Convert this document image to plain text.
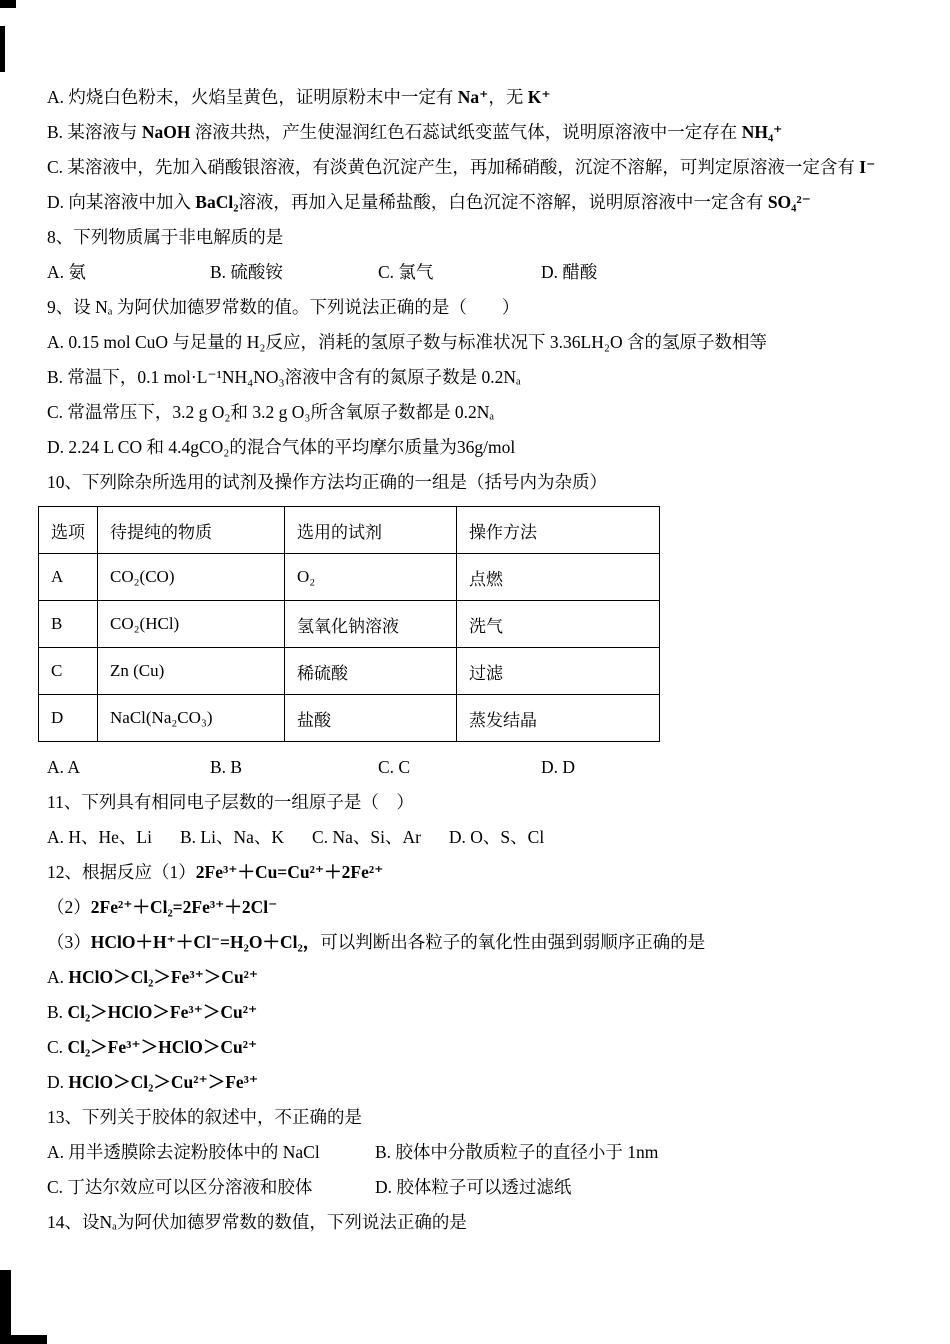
A. 灼烧白色粉末，火焰呈黄色，证明原粉末中一定有 Na⁺，无 K⁺
B. 某溶液与 NaOH 溶液共热，产生使湿润红色石蕊试纸变蓝气体，说明原溶液中一定存在 NH₄⁺
C. 某溶液中，先加入硝酸银溶液，有淡黄色沉淀产生，再加稀硝酸，沉淀不溶解，可判定原溶液一定含有 I⁻
D. 向某溶液中加入 BaCl₂溶液，再加入足量稀盐酸，白色沉淀不溶解，说明原溶液中一定含有 SO₄²⁻
8、下列物质属于非电解质的是
A. 氨	B. 硫酸铵	C. 氯气	D. 醋酸
9、设 Nₐ 为阿伏加德罗常数的值。下列说法正确的是（　　）
A. 0.15 mol CuO 与足量的 H₂反应，消耗的氢原子数与标准状况下 3.36LH₂O 含的氢原子数相等
B. 常温下，0.1 mol·L⁻¹NH₄NO₃溶液中含有的氮原子数是 0.2Nₐ
C. 常温常压下，3.2 g O₂和 3.2 g O₃所含氧原子数都是 0.2Nₐ
D. 2.24 L CO 和 4.4gCO₂的混合气体的平均摩尔质量为36g/mol
10、下列除杂所选用的试剂及操作方法均正确的一组是（括号内为杂质）
选项	待提纯的物质	选用的试剂	操作方法
A	CO₂(CO)	O₂	点燃
B	CO₂(HCl)	氢氧化钠溶液	洗气
C	Zn (Cu)	稀硫酸	过滤
D	NaCl(Na₂CO₃)	盐酸	蒸发结晶
A. A	B. B	C. C	D. D
11、下列具有相同电子层数的一组原子是（　）
A. H、He、Li B. Li、Na、K C. Na、Si、Ar D. O、S、Cl
12、根据反应（1）2Fe³⁺＋Cu=Cu²⁺＋2Fe²⁺
（2）2Fe²⁺＋Cl₂=2Fe³⁺＋2Cl⁻
（3）HClO＋H⁺＋Cl⁻=H₂O＋Cl₂，可以判断出各粒子的氧化性由强到弱顺序正确的是
A. HClO＞Cl₂＞Fe³⁺＞Cu²⁺
B. Cl₂＞HClO＞Fe³⁺＞Cu²⁺
C. Cl₂＞Fe³⁺＞HClO＞Cu²⁺
D. HClO＞Cl₂＞Cu²⁺＞Fe³⁺
13、下列关于胶体的叙述中，不正确的是
A. 用半透膜除去淀粉胶体中的 NaCl	B. 胶体中分散质粒子的直径小于 1nm
C. 丁达尔效应可以区分溶液和胶体	D. 胶体粒子可以透过滤纸
14、设Nₐ为阿伏加德罗常数的数值，下列说法正确的是
